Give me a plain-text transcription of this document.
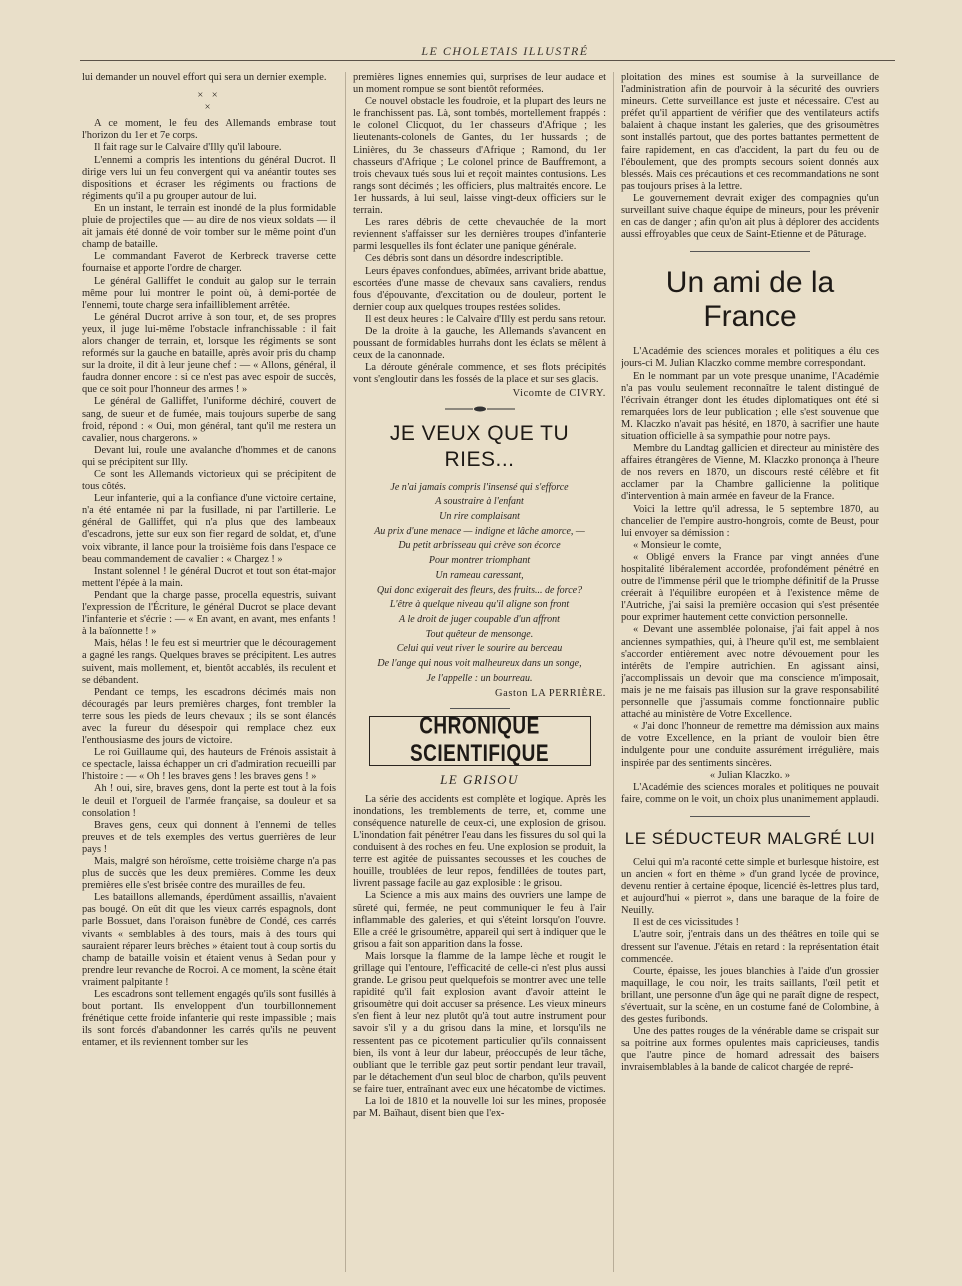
LE CHOLETAIS ILLUSTRÉ

lui demander un nouvel effort qui sera un dernier exemple.

× ×
×

A ce moment, le feu des Allemands embrase tout l'horizon du 1er et 7e corps.

Il fait rage sur le Calvaire d'Illy qu'il laboure.

L'ennemi a compris les intentions du général Ducrot. Il dirige vers lui un feu convergent qui va anéantir toutes ses dispositions et écraser les régiments ou fractions de régiments qu'il a pu grouper autour de lui.

En un instant, le terrain est inondé de la plus formidable pluie de projectiles que — au dire de nos vieux soldats — il ait jamais été donné de voir tomber sur le même point d'un champ de bataille.

Le commandant Faverot de Kerbreck traverse cette fournaise et apporte l'ordre de charger.

Le général Galliffet le conduit au galop sur le terrain même pour lui montrer le point où, à demi-portée de l'ennemi, toute charge sera infailliblement arrêtée.

Le général Ducrot arrive à son tour, et, de ses propres yeux, il juge lui-même l'obstacle infranchissable : il fait alors changer de terrain, et, lorsque les régiments se sont reformés sur la gauche en bataille, après avoir pris du champ sur la droite, il dit à leur jeune chef : — « Allons, général, il faudra donner encore : si ce n'est pas avec espoir de succès, que ce soit pour l'honneur des armes ! »

Le général de Galliffet, l'uniforme déchiré, couvert de sang, de sueur et de fumée, mais toujours superbe de sang froid, répond : « Oui, mon général, tant qu'il me restera un cavalier, nous chargerons. »

Devant lui, roule une avalanche d'hommes et de canons qui se précipitent sur Illy.

Ce sont les Allemands victorieux qui se précipitent de tous côtés.

Leur infanterie, qui a la confiance d'une victoire certaine, n'a été entamée ni par la fusillade, ni par l'artillerie. Le général de Galliffet, qui n'a plus que des lambeaux d'escadrons, jette sur eux son fier regard de soldat, et, d'une voix vibrante, il lance pour la troisième fois dans l'espace ce beau commandement de cavalier : « Chargez ! »

Instant solennel ! le général Ducrot et tout son état-major mettent l'épée à la main.

Pendant que la charge passe, procella equestris, suivant l'expression de l'Écriture, le général Ducrot se place devant l'infanterie et s'écrie : — « En avant, en avant, mes enfants ! à la baïonnette ! »

Mais, hélas ! le feu est si meurtrier que le découragement a gagné les rangs. Quelques braves se précipitent. Les autres suivent, mais mollement, et, bientôt accablés, ils reculent et se débandent.

Pendant ce temps, les escadrons décimés mais non découragés par leurs premières charges, font trembler la terre sous les pieds de leurs chevaux ; ils se sont élancés avec la fureur du désespoir qui remplace chez eux l'enthousiasme des jours de victoire.

Le roi Guillaume qui, des hauteurs de Frénois assistait à ce spectacle, laissa échapper un cri d'admiration recueilli par l'histoire : — « Oh ! les braves gens ! les braves gens ! »

Ah ! oui, sire, braves gens, dont la perte est tout à la fois le deuil et l'orgueil de l'armée française, sa douleur et sa consolation !

Braves gens, ceux qui donnent à l'ennemi de telles preuves et de tels exemples des vertus guerrières de leur pays !

Mais, malgré son héroïsme, cette troisième charge n'a pas plus de succès que les deux premières. Comme les deux premières elle s'est brisée contre des murailles de feu.

Les bataillons allemands, éperdûment assaillis, n'avaient pas bougé. On eût dit que les vieux carrés espagnols, dont parle Bossuet, dans l'oraison funèbre de Condé, ces carrés vivants « semblables à des tours, mais à des tours qui sauraient réparer leurs brèches » étaient tout à coup sortis du champ de bataille voisin et étaient venus à Sedan pour y prendre leur revanche de Rocroi. A ce moment, la scène était vraiment palpitante !

Les escadrons sont tellement engagés qu'ils sont fusillés à bout portant. Ils enveloppent d'un tourbillonnement frénétique cette froide infanterie qui reste impassible ; mais ils sont forcés d'abandonner les carrés qu'ils ne peuvent entamer, et ils reviennent tomber sur les

premières lignes ennemies qui, surprises de leur audace et un moment rompue se sont bientôt reformées.

Ce nouvel obstacle les foudroie, et la plupart des leurs ne le franchissent pas. Là, sont tombés, mortellement frappés : le colonel Clicquot, du 1er chasseurs d'Afrique ; les lieutenants-colonels de Gantes, du 1er hussards ; de Linières, du 3e chasseurs d'Afrique ; Ramond, du 1er chasseurs d'Afrique ; Le colonel prince de Bauffremont, a trois chevaux tués sous lui et reçoit maintes contusions. Les rangs sont décimés ; les officiers, plus maltraités encore. Le 1er hussards, à lui seul, laisse vingt-deux officiers sur le terrain.

Les rares débris de cette chevauchée de la mort reviennent s'affaisser sur les dernières troupes d'infanterie parmi lesquelles ils font éclater une panique générale.

Ces débris sont dans un désordre indescriptible.

Leurs épaves confondues, abîmées, arrivant bride abattue, escortées d'une masse de chevaux sans cavaliers, rendus fous d'épouvante, d'excitation ou de douleur, portent le dernier coup aux quelques troupes restées solides.

Il est deux heures : le Calvaire d'Illy est perdu sans retour.

De la droite à la gauche, les Allemands s'avancent en poussant de formidables hurrahs dont les éclats se mêlent à ceux de la canonnade.

La déroute générale commence, et ses flots précipités vont s'engloutir dans les fossés de la place et sur ses glacis.

Vicomte de CIVRY.
JE VEUX QUE TU RIES...
Je n'ai jamais compris l'insensé qui s'efforce
A soustraire à l'enfant
Un rire complaisant
Au prix d'une menace — indigne et lâche amorce, —
Du petit arbrisseau qui crève son écorce
Pour montrer triomphant
Un rameau caressant,
Qui donc exigerait des fleurs, des fruits... de force?
L'être à quelque niveau qu'il aligne son front
A le droit de juger coupable d'un affront
Tout quêteur de mensonge.
Celui qui veut river le sourire au berceau
De l'ange qui nous voit malheureux dans un songe,
Je l'appelle : un bourreau.
Gaston LA PERRIÈRE.
CHRONIQUE SCIENTIFIQUE
LE GRISOU

La série des accidents est complète et logique. Après les inondations, les tremblements de terre, et, comme une conséquence naturelle de ceux-ci, une explosion de grisou. L'inondation fait pénétrer l'eau dans les fissures du sol qui la conduisent à des roches en feu. Une explosion se produit, la terre est agitée de puissantes secousses et les couches de houille, troublées de leur repos, fendillées de toutes part, livrent passage facile au gaz explosible : le grisou.

La Science a mis aux mains des ouvriers une lampe de sûreté qui, fermée, ne peut communiquer le feu à l'air inflammable des galeries, et qui s'éteint lorsqu'on l'ouvre. Elle a créé le grisoumètre, appareil qui sert à indiquer que le grisou a fait son apparition dans la fosse.

Mais lorsque la flamme de la lampe lèche et rougit le grillage qui l'entoure, l'efficacité de celle-ci n'est plus aussi grande. Le grisou peut quelquefois se montrer avec une telle rapidité qu'il fait explosion avant d'avoir atteint le grisoumètre qui doit accuser sa présence. Les vieux mineurs s'en fient à leur nez plutôt qu'à tout autre instrument pour savoir s'il y a du grisou dans la mine, et lorsqu'ils ne ressentent pas ce picotement particulier qu'ils connaissent bien, ils vont à leur dur labeur, préoccupés de leur tâche, oubliant que le terrible gaz peut sortir pendant leur travail, par le détachement d'un seul bloc de charbon, qu'ils peuvent se faire tuer, entraînant avec eux une hécatombe de victimes.

La loi de 1810 et la nouvelle loi sur les mines, proposée par M. Baïhaut, disent bien que l'ex-

ploitation des mines est soumise à la surveillance de l'administration afin de pourvoir à la sécurité des ouvriers mineurs. Cette surveillance est juste et nécessaire. C'est au préfet qu'il appartient de vérifier que des ventilateurs actifs balaient à chaque instant les galeries, que des grisoumètres sont installés partout, que des portes battantes permettent de faire rapidement, en cas d'accident, la part du feu ou de l'éboulement, que des prompts secours soient donnés aux blessés. Mais ces précautions et ces recommandations ne sont pas toujours prises à la lettre.

Le gouvernement devrait exiger des compagnies qu'un surveillant suive chaque équipe de mineurs, pour les prévenir en cas de danger ; afin qu'on ait plus à déplorer des accidents aussi effroyables que ceux de Saint-Etienne et de Pâturage.

Un ami de la France

L'Académie des sciences morales et politiques a élu ces jours-ci M. Julian Klaczko comme membre correspondant.

En le nommant par un vote presque unanime, l'Académie n'a pas voulu seulement reconnaître le talent distingué de l'écrivain étranger dont les études diplomatiques ont été si remarquées lors de leur publication ; elle s'est souvenue que M. Klaczko n'avait pas hésité, en 1870, à sacrifier une haute situation officielle à sa sympathie pour notre pays.

Membre du Landtag gallicien et directeur au ministère des affaires étrangères de Vienne, M. Klaczko prononça à l'heure de nos revers en 1870, un discours resté célèbre et fit acclamer par la Chambre gallicienne la politique d'intervention à main armée en faveur de la France.

Voici la lettre qu'il adressa, le 5 septembre 1870, au chancelier de l'empire austro-hongrois, comte de Beust, pour lui envoyer sa démission :

« Monsieur le comte,

« Obligé envers la France par vingt années d'une hospitalité libéralement accordée, profondément pénétré en outre de l'immense péril que le triomphe définitif de la Prusse créerait à l'équilibre européen et à l'existence même de l'Autriche, j'ai saisi la première occasion qui s'est présentée pour exprimer hautement cette conviction personnelle.

« Devant une assemblée polonaise, j'ai fait appel à nos anciennes sympathies, qui, à l'heure qu'il est, me semblaient s'accorder entièrement avec notre dévouement pour les intérêts de l'empire autrichien. En agissant ainsi, j'accomplissais un devoir que ma conscience m'imposait, mais je ne me faisais pas illusion sur la grave responsabilité personnelle que j'assumais comme fonctionnaire public attaché au ministère de Votre Excellence.

« J'ai donc l'honneur de remettre ma démission aux mains de votre Excellence, en la priant de vouloir bien être indulgente pour une conduite assurément irrégulière, mais inspirée par des sentiments sincères.

« Julian Klaczko. »

L'Académie des sciences morales et politiques ne pouvait faire, comme on le voit, un choix plus unanimement applaudi.

LE SÉDUCTEUR MALGRÉ LUI

Celui qui m'a raconté cette simple et burlesque histoire, est un ancien « fort en thème » d'un grand lycée de province, devenu rentier à certaine époque, licencié ès-lettres plus tard, et aujourd'hui « pierrot », dans une baraque de la foire de Neuilly.

Il est de ces vicissitudes !

L'autre soir, j'entrais dans un des théâtres en toile qui se dressent sur l'avenue. J'étais en retard : la représentation était commencée.

Courte, épaisse, les joues blanchies à l'aide d'un grossier maquillage, le cou noir, les traits saillants, l'œil petit et brillant, une personne d'un âge qui ne paraît digne de respect, s'évertuait, sur la scène, en un costume fané de Colombine, à des gestes furibonds.

Une des pattes rouges de la vénérable dame se crispait sur sa poitrine aux formes opulentes mais capricieuses, tandis que l'autre pince de homard adressait des baisers invraisemblables à la bande de calicot chargée de repré-
